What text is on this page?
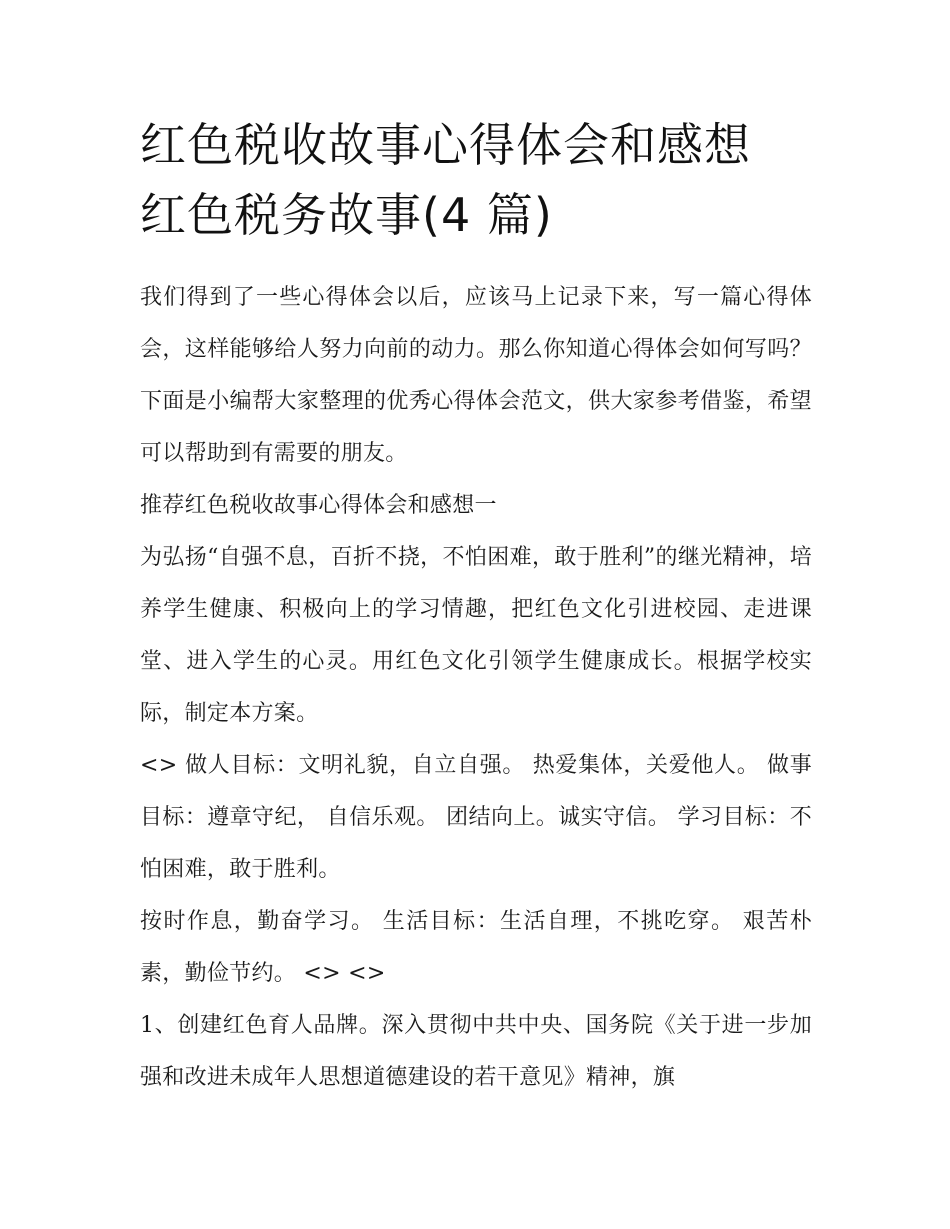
红色税收故事心得体会和感想
红色税务故事(4 篇)

我们得到了一些心得体会以后，应该马上记录下来，写一篇心得体会，这样能够给人努力向前的动力。那么你知道心得体会如何写吗？下面是小编帮大家整理的优秀心得体会范文，供大家参考借鉴，希望可以帮助到有需要的朋友。

推荐红色税收故事心得体会和感想一

为弘扬“自强不息，百折不挠，不怕困难，敢于胜利”的继光精神，培养学生健康、积极向上的学习情趣，把红色文化引进校园、走进课堂、进入学生的心灵。用红色文化引领学生健康成长。根据学校实际，制定本方案。

<> 做人目标：文明礼貌，自立自强。 热爱集体，关爱他人。 做事目标：遵章守纪， 自信乐观。 团结向上。诚实守信。 学习目标：不怕困难，敢于胜利。

按时作息，勤奋学习。 生活目标：生活自理，不挑吃穿。 艰苦朴素，勤俭节约。 <> <>

1、创建红色育人品牌。深入贯彻中共中央、国务院《关于进一步加强和改进未成年人思想道德建设的若干意见》精神，旗
